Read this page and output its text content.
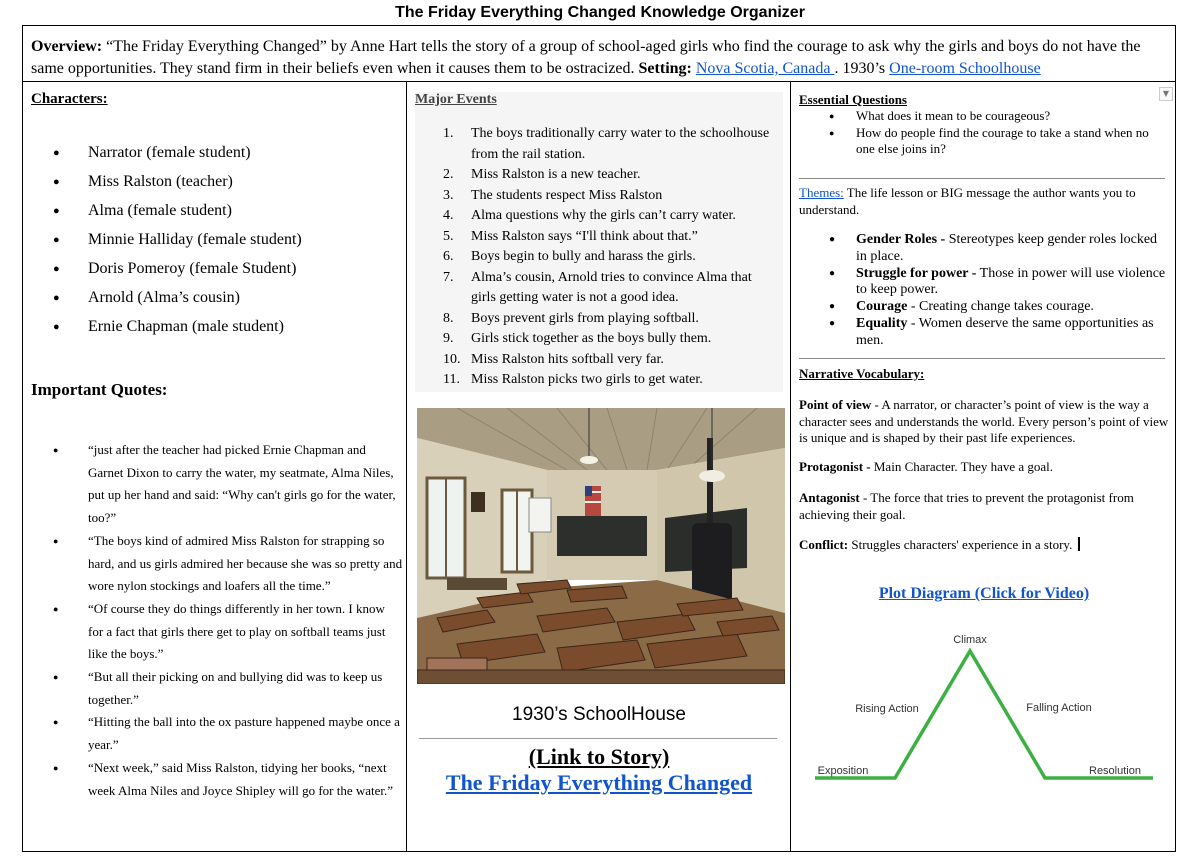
The Friday Everything Changed Knowledge Organizer
Overview: “The Friday Everything Changed” by Anne Hart tells the story of a group of school-aged girls who find the courage to ask why the girls and boys do not have the same opportunities. They stand firm in their beliefs even when it causes them to be ostracized. Setting: Nova Scotia, Canada . 1930’s One-room Schoolhouse
Characters:
● Narrator (female student)
● Miss Ralston (teacher)
● Alma (female student)
● Minnie Halliday (female student)
● Doris Pomeroy (female Student)
● Arnold (Alma’s cousin)
● Ernie Chapman (male student)
Important Quotes:
● “just after the teacher had picked Ernie Chapman and Garnet Dixon to carry the water, my seatmate, Alma Niles, put up her hand and said: “Why can't girls go for the water, too?”
● “The boys kind of admired Miss Ralston for strapping so hard, and us girls admired her because she was so pretty and wore nylon stockings and loafers all the time.”
● “Of course they do things differently in her town. I know for a fact that girls there get to play on softball teams just like the boys.”
● “But all their picking on and bullying did was to keep us together.”
● “Hitting the ball into the ox pasture happened maybe once a year.”
● “Next week,” said Miss Ralston, tidying her books, “next week Alma Niles and Joyce Shipley will go for the water.”
Major Events
1. The boys traditionally carry water to the schoolhouse from the rail station.
2. Miss Ralston is a new teacher.
3. The students respect Miss Ralston
4. Alma questions why the girls can’t carry water.
5. Miss Ralston says “I'll think about that.”
6. Boys begin to bully and harass the girls.
7. Alma’s cousin, Arnold tries to convince Alma that girls getting water is not a good idea.
8. Boys prevent girls from playing softball.
9. Girls stick together as the boys bully them.
10. Miss Ralston hits softball very far.
11. Miss Ralston picks two girls to get water.
1930’s SchoolHouse
(Link to Story)
The Friday Everything Changed
▼
Essential Questions
● What does it mean to be courageous?
● How do people find the courage to take a stand when no one else joins in?
Themes: The life lesson or BIG message the author wants you to understand.
● Gender Roles - Stereotypes keep gender roles locked in place.
● Struggle for power - Those in power will use violence to keep power.
● Courage - Creating change takes courage.
● Equality - Women deserve the same opportunities as men.
Narrative Vocabulary:
Point of view - A narrator, or character’s point of view is the way a character sees and understands the world. Every person’s point of view is unique and is shaped by their past life experiences.
Protagonist - Main Character. They have a goal.
Antagonist - The force that tries to prevent the protagonist from achieving their goal.
Conflict: Struggles characters' experience in a story.
Plot Diagram (Click for Video)
Climax
Rising Action	Falling Action
Exposition	Resolution
